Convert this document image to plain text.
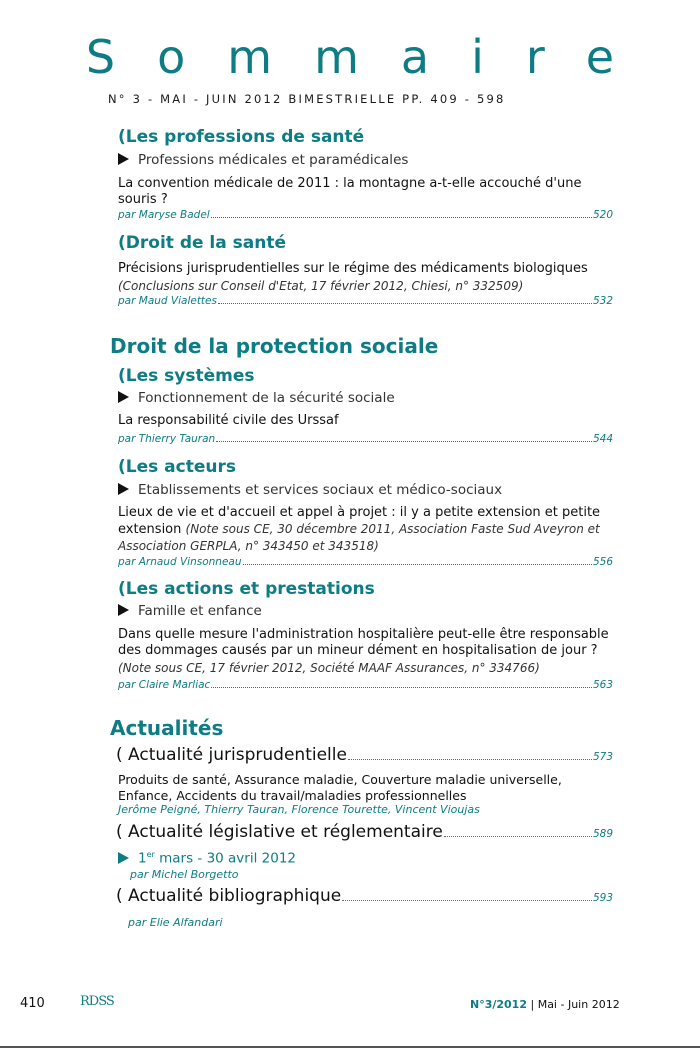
Sommaire
N° 3 - MAI - JUIN 2012 BIMESTRIELLE PP. 409 - 598
(Les professions de santé
Professions médicales et paramédicales
La convention médicale de 2011 : la montagne a-t-elle accouché d'une souris ?
par Maryse Badel	520
(Droit de la santé
Précisions jurisprudentielles sur le régime des médicaments biologiques
(Conclusions sur Conseil d'Etat, 17 février 2012, Chiesi, n° 332509)
par Maud Vialettes	532
Droit de la protection sociale
(Les systèmes
Fonctionnement de la sécurité sociale
La responsabilité civile des Urssaf
par Thierry Tauran	544
(Les acteurs
Etablissements et services sociaux et médico-sociaux
Lieux de vie et d'accueil et appel à projet : il y a petite extension et petite extension (Note sous CE, 30 décembre 2011, Association Faste Sud Aveyron et Association GERPLA, n° 343450 et 343518)
par Arnaud Vinsonneau	556
(Les actions et prestations
Famille et enfance
Dans quelle mesure l'administration hospitalière peut-elle être responsable des dommages causés par un mineur dément en hospitalisation de jour ?
(Note sous CE, 17 février 2012, Société MAAF Assurances, n° 334766)
par Claire Marliac	563
Actualités
( Actualité jurisprudentielle	573
Produits de santé, Assurance maladie, Couverture maladie universelle, Enfance, Accidents du travail/maladies professionnelles
Jerôme Peigné, Thierry Tauran, Florence Tourette, Vincent Vioujas
( Actualité législative et réglementaire	589
1er mars - 30 avril 2012
par Michel Borgetto
( Actualité bibliographique	593
par Elie Alfandari
410	RDSS	N°3/2012 | Mai - Juin 2012
